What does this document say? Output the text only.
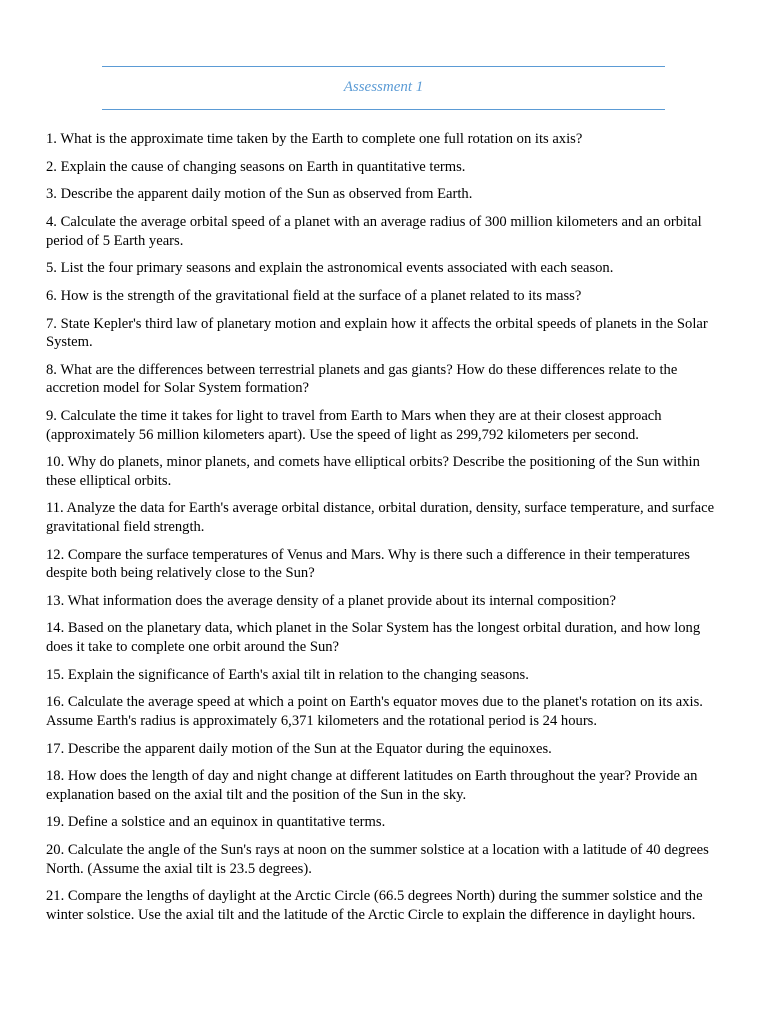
Assessment 1
1. What is the approximate time taken by the Earth to complete one full rotation on its axis?
2. Explain the cause of changing seasons on Earth in quantitative terms.
3. Describe the apparent daily motion of the Sun as observed from Earth.
4. Calculate the average orbital speed of a planet with an average radius of 300 million kilometers and an orbital period of 5 Earth years.
5. List the four primary seasons and explain the astronomical events associated with each season.
6. How is the strength of the gravitational field at the surface of a planet related to its mass?
7. State Kepler's third law of planetary motion and explain how it affects the orbital speeds of planets in the Solar System.
8. What are the differences between terrestrial planets and gas giants? How do these differences relate to the accretion model for Solar System formation?
9. Calculate the time it takes for light to travel from Earth to Mars when they are at their closest approach (approximately 56 million kilometers apart). Use the speed of light as 299,792 kilometers per second.
10. Why do planets, minor planets, and comets have elliptical orbits? Describe the positioning of the Sun within these elliptical orbits.
11. Analyze the data for Earth's average orbital distance, orbital duration, density, surface temperature, and surface gravitational field strength.
12. Compare the surface temperatures of Venus and Mars. Why is there such a difference in their temperatures despite both being relatively close to the Sun?
13. What information does the average density of a planet provide about its internal composition?
14. Based on the planetary data, which planet in the Solar System has the longest orbital duration, and how long does it take to complete one orbit around the Sun?
15. Explain the significance of Earth's axial tilt in relation to the changing seasons.
16. Calculate the average speed at which a point on Earth's equator moves due to the planet's rotation on its axis. Assume Earth's radius is approximately 6,371 kilometers and the rotational period is 24 hours.
17. Describe the apparent daily motion of the Sun at the Equator during the equinoxes.
18. How does the length of day and night change at different latitudes on Earth throughout the year? Provide an explanation based on the axial tilt and the position of the Sun in the sky.
19. Define a solstice and an equinox in quantitative terms.
20. Calculate the angle of the Sun's rays at noon on the summer solstice at a location with a latitude of 40 degrees North. (Assume the axial tilt is 23.5 degrees).
21. Compare the lengths of daylight at the Arctic Circle (66.5 degrees North) during the summer solstice and the winter solstice. Use the axial tilt and the latitude of the Arctic Circle to explain the difference in daylight hours.
